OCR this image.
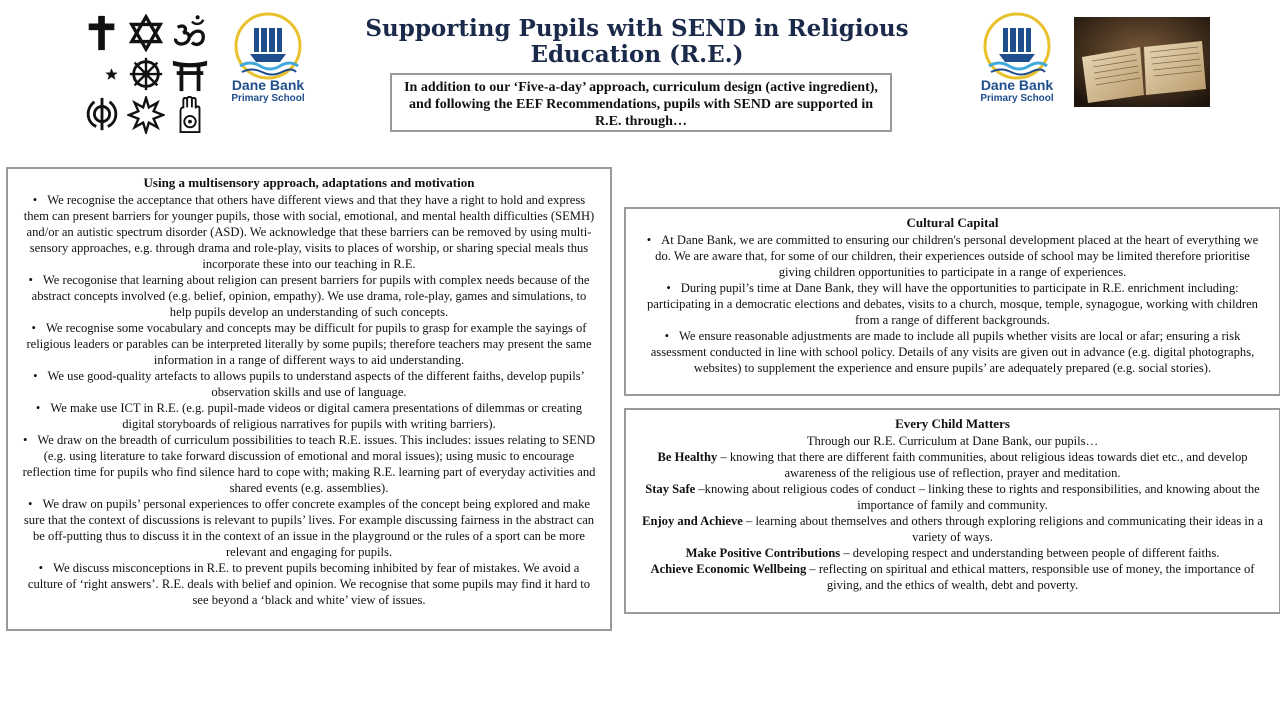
Dane Bank
Primary School
Supporting Pupils with SEND in Religious Education (R.E.)
In addition to our ‘Five-a-day’ approach, curriculum design (active ingredient), and following the EEF Recommendations, pupils with SEND are supported in R.E. through…
Dane Bank
Primary School
Using a multisensory approach, adaptations and motivation
• We recognise the acceptance that others have different views and that they have a right to hold and express them can present barriers for younger pupils, those with social, emotional, and mental health difficulties (SEMH) and/or an autistic spectrum disorder (ASD). We acknowledge that these barriers can be removed by using multi-sensory approaches, e.g. through drama and role-play, visits to places of worship, or sharing special meals thus incorporate these into our teaching in R.E.
• We recogonise that learning about religion can present barriers for pupils with complex needs because of the abstract concepts involved (e.g. belief, opinion, empathy). We use drama, role-play, games and simulations, to help pupils develop an understanding of such concepts.
• We recognise some vocabulary and concepts may be difficult for pupils to grasp for example the sayings of religious leaders or parables can be interpreted literally by some pupils; therefore teachers may present the same information in a range of different ways to aid understanding.
• We use good-quality artefacts to allows pupils to understand aspects of the different faiths, develop pupils’ observation skills and use of language.
• We make use ICT in R.E. (e.g. pupil-made videos or digital camera presentations of dilemmas or creating digital storyboards of religious narratives for pupils with writing barriers).
• We draw on the breadth of curriculum possibilities to teach R.E. issues. This includes: issues relating to SEND (e.g. using literature to take forward discussion of emotional and moral issues); using music to encourage reflection time for pupils who find silence hard to cope with; making R.E. learning part of everyday activities and shared events (e.g. assemblies).
• We draw on pupils’ personal experiences to offer concrete examples of the concept being explored and make sure that the context of discussions is relevant to pupils’ lives. For example discussing fairness in the abstract can be off-putting thus to discuss it in the context of an issue in the playground or the rules of a sport can be more relevant and engaging for pupils.
• We discuss misconceptions in R.E. to prevent pupils becoming inhibited by fear of mistakes. We avoid a culture of ‘right answers’. R.E. deals with belief and opinion. We recognise that some pupils may find it hard to see beyond a ‘black and white’ view of issues.
Cultural Capital
• At Dane Bank, we are committed to ensuring our children's personal development placed at the heart of everything we do. We are aware that, for some of our children, their experiences outside of school may be limited therefore prioritise giving children opportunities to participate in a range of experiences.
• During pupil’s time at Dane Bank, they will have the opportunities to participate in R.E. enrichment including: participating in a democratic elections and debates, visits to a church, mosque, temple, synagogue, working with children from a range of different backgrounds.
• We ensure reasonable adjustments are made to include all pupils whether visits are local or afar; ensuring a risk assessment conducted in line with school policy. Details of any visits are given out in advance (e.g. digital photographs, websites) to supplement the experience and ensure pupils’ are adequately prepared (e.g. social stories).
Every Child Matters

Through our R.E. Curriculum at Dane Bank, our pupils…

Be Healthy – knowing that there are different faith communities, about religious ideas towards diet etc., and develop awareness of the religious use of reflection, prayer and meditation.

Stay Safe –knowing about religious codes of conduct – linking these to rights and responsibilities, and knowing about the importance of family and community.

Enjoy and Achieve – learning about themselves and others through exploring religions and communicating their ideas in a variety of ways.

Make Positive Contributions – developing respect and understanding between people of different faiths.

Achieve Economic Wellbeing – reflecting on spiritual and ethical matters, responsible use of money, the importance of giving, and the ethics of wealth, debt and poverty.
